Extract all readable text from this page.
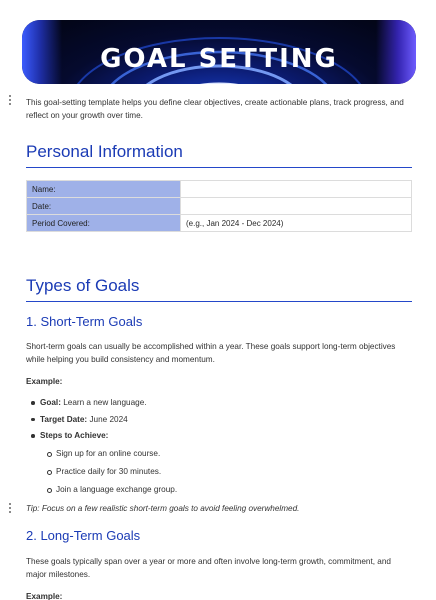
GOAL SETTING

This goal-setting template helps you define clear objectives, create actionable plans, track progress, and reflect on your growth over time.

Personal Information
Name:	
Date:	
Period Covered:	(e.g., Jan 2024 - Dec 2024)
Types of Goals
1. Short-Term Goals

Short-term goals can usually be accomplished within a year. These goals support long-term objectives while helping you build consistency and momentum.

Example:

Goal: Learn a new language.
Target Date: June 2024
Steps to Achieve:
Sign up for an online course.
Practice daily for 30 minutes.
Join a language exchange group.

Tip: Focus on a few realistic short-term goals to avoid feeling overwhelmed.

2. Long-Term Goals

These goals typically span over a year or more and often involve long-term growth, commitment, and major milestones.

Example:
